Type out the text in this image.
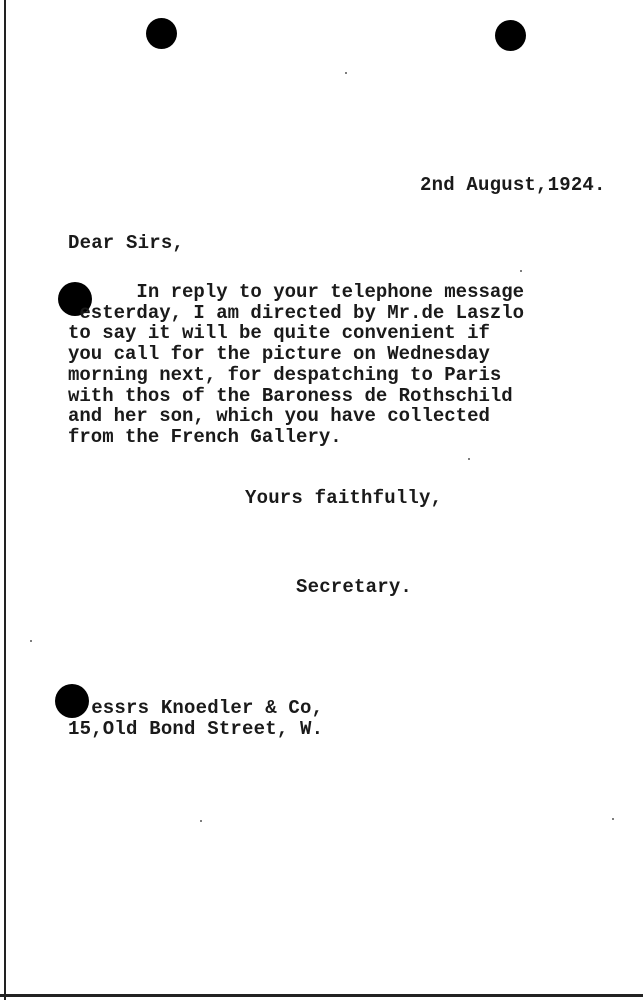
2nd August,1924.
Dear Sirs,
In reply to your telephone message
esterday, I am directed by Mr.de Laszlo
to say it will be quite convenient if
you call for the picture on Wednesday
morning next, for despatching to Paris
with thos of the Baroness de Rothschild
and her son, which you have collected
from the French Gallery.
Yours faithfully,
Secretary.
essrs Knoedler & Co,
15,Old Bond Street, W.
